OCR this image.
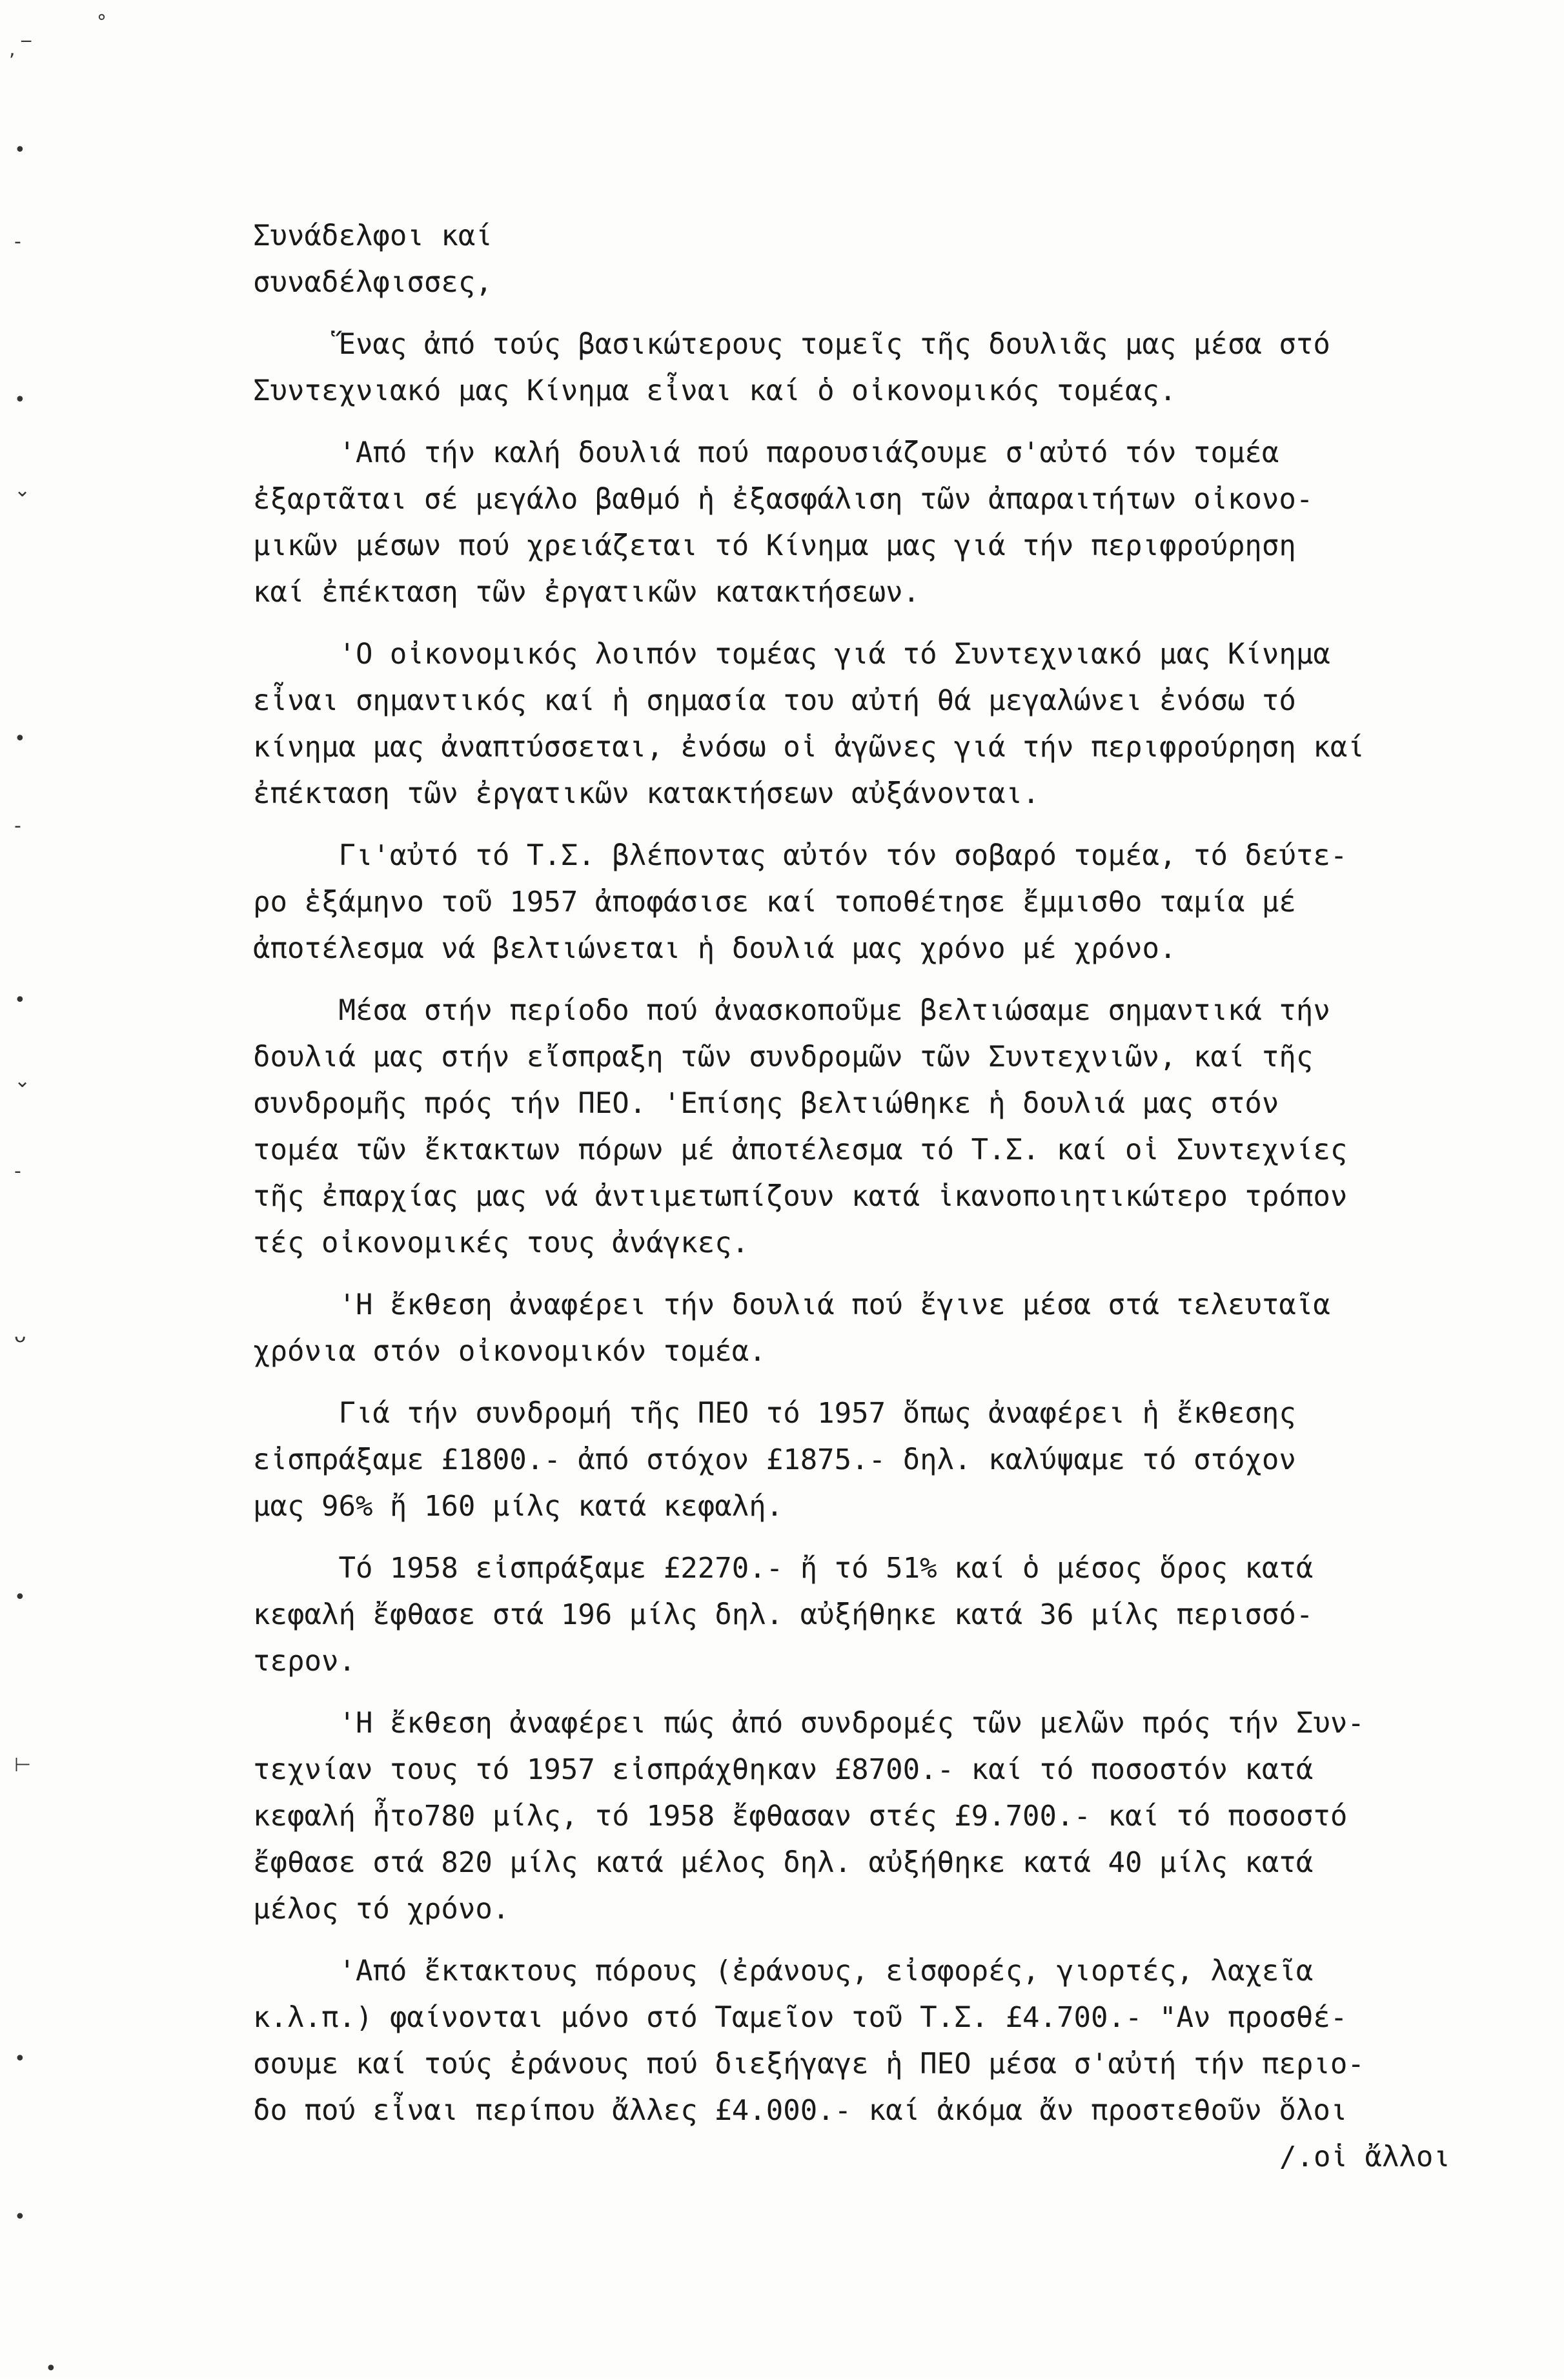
°
, ‾
•
-
•
⌄
•
-
•
⌄
-
ᴗ
•
⊢
•
•
•
Συνάδελφοι καί
συναδέλφισσες,
Ἕνας ἀπό τούς βασικώτερους τομεῖς τῆς δουλιᾶς μας μέσα στό
Συντεχνιακό μας Κίνημα εἶναι καί ὁ οἰκονομικός τομέας.
'Από τήν καλή δουλιά πού παρουσιάζουμε σ'αὐτό τόν τομέα
ἐξαρτᾶται σέ μεγάλο βαθμό ἡ ἐξασφάλιση τῶν ἀπαραιτήτων οἰκονο-
μικῶν μέσων πού χρειάζεται τό Κίνημα μας γιά τήν περιφρούρηση
καί ἐπέκταση τῶν ἐργατικῶν κατακτήσεων.
'Ο οἰκονομικός λοιπόν τομέας γιά τό Συντεχνιακό μας Κίνημα
εἶναι σημαντικός καί ἡ σημασία του αὐτή θά μεγαλώνει ἐνόσω τό
κίνημα μας ἀναπτύσσεται, ἐνόσω οἱ ἀγῶνες γιά τήν περιφρούρηση καί
ἐπέκταση τῶν ἐργατικῶν κατακτήσεων αὐξάνονται.
Γι'αὐτό τό Τ.Σ. βλέποντας αὐτόν τόν σοβαρό τομέα, τό δεύτε-
ρο ἑξάμηνο τοῦ 1957 ἀποφάσισε καί τοποθέτησε ἔμμισθο ταμία μέ
ἀποτέλεσμα νά βελτιώνεται ἡ δουλιά μας χρόνο μέ χρόνο.
Μέσα στήν περίοδο πού ἀνασκοποῦμε βελτιώσαμε σημαντικά τήν
δουλιά μας στήν εἴσπραξη τῶν συνδρομῶν τῶν Συντεχνιῶν, καί τῆς
συνδρομῆς πρός τήν ΠΕΟ. 'Επίσης βελτιώθηκε ἡ δουλιά μας στόν
τομέα τῶν ἔκτακτων πόρων μέ ἀποτέλεσμα τό Τ.Σ. καί οἱ Συντεχνίες
τῆς ἐπαρχίας μας νά ἀντιμετωπίζουν κατά ἱκανοποιητικώτερο τρόπον
τές οἰκονομικές τους ἀνάγκες.
'Η ἔκθεση ἀναφέρει τήν δουλιά πού ἔγινε μέσα στά τελευταῖα
χρόνια στόν οἰκονομικόν τομέα.
Γιά τήν συνδρομή τῆς ΠΕΟ τό 1957 ὅπως ἀναφέρει ἡ ἔκθεσης
εἰσπράξαμε £1800.- ἀπό στόχον £1875.- δηλ. καλύψαμε τό στόχον
μας 96% ἤ 160 μίλς κατά κεφαλή.
Τό 1958 εἰσπράξαμε £2270.- ἤ τό 51% καί ὁ μέσος ὅρος κατά
κεφαλή ἔφθασε στά 196 μίλς δηλ. αὐξήθηκε κατά 36 μίλς περισσό-
τερον.
'Η ἔκθεση ἀναφέρει πώς ἀπό συνδρομές τῶν μελῶν πρός τήν Συν-
τεχνίαν τους τό 1957 εἰσπράχθηκαν £8700.- καί τό ποσοστόν κατά
κεφαλή ἦτο780 μίλς, τό 1958 ἔφθασαν στές £9.700.- καί τό ποσοστό
ἔφθασε στά 820 μίλς κατά μέλος δηλ. αὐξήθηκε κατά 40 μίλς κατά
μέλος τό χρόνο.
'Από ἔκτακτους πόρους (ἐράνους, εἰσφορές, γιορτές, λαχεῖα
κ.λ.π.) φαίνονται μόνο στό Ταμεῖον τοῦ Τ.Σ. £4.700.- "Αν προσθέ-
σουμε καί τούς ἐράνους πού διεξήγαγε ἡ ΠΕΟ μέσα σ'αὐτή τήν περιο-
δο πού εἶναι περίπου ἄλλες £4.000.- καί ἀκόμα ἄν προστεθοῦν ὅλοι
/.οἱ ἄλλοι
